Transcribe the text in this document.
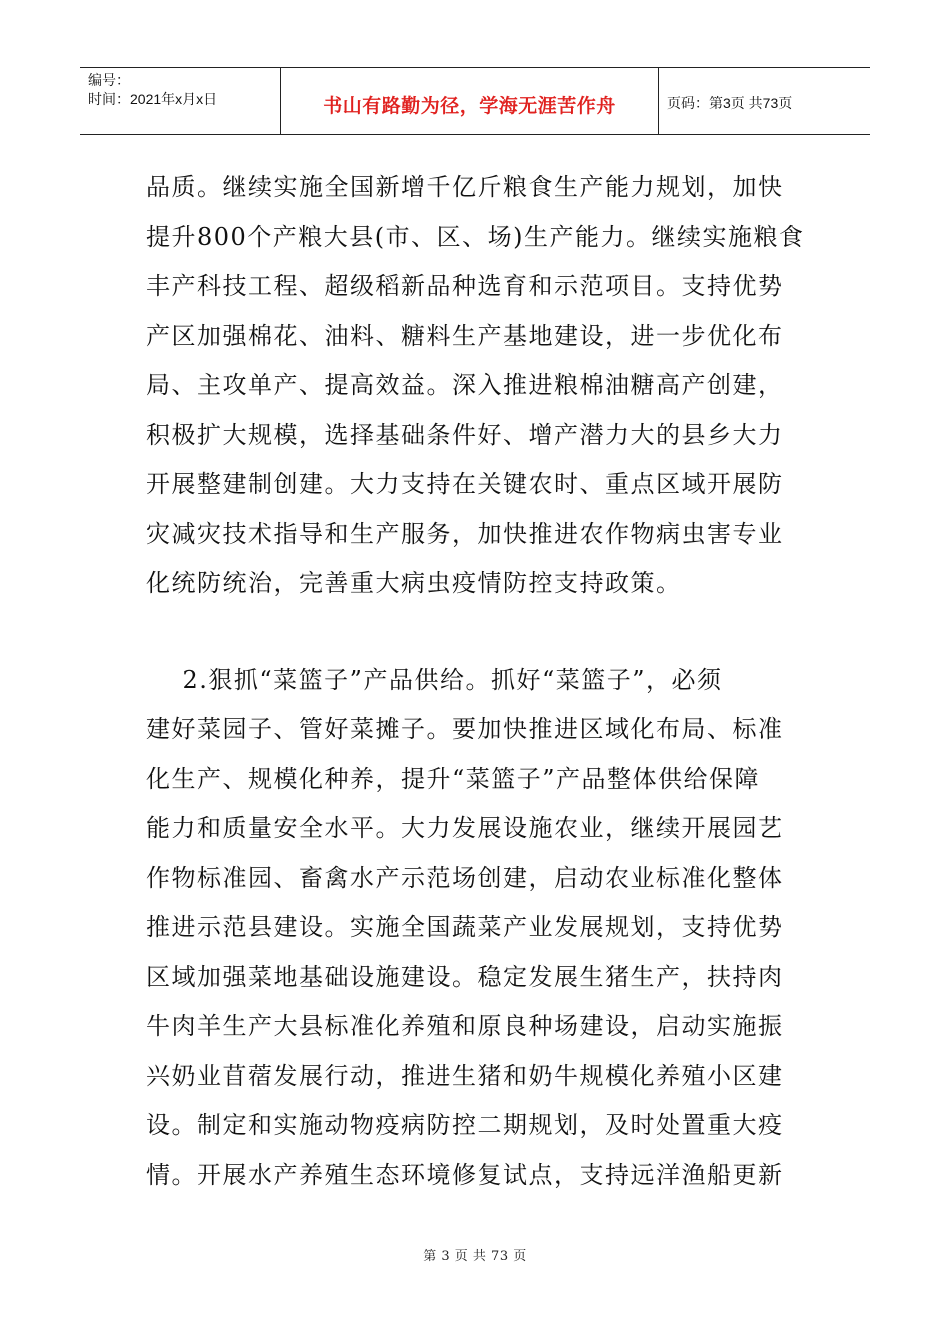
编号：
时间：2021年x月x日	书山有路勤为径，学海无涯苦作舟	页码：第3页 共73页
品质。继续实施全国新增千亿斤粮食生产能力规划，加快
提升800个产粮大县(市、区、场)生产能力。继续实施粮食
丰产科技工程、超级稻新品种选育和示范项目。支持优势
产区加强棉花、油料、糖料生产基地建设，进一步优化布
局、主攻单产、提高效益。深入推进粮棉油糖高产创建，
积极扩大规模，选择基础条件好、增产潜力大的县乡大力
开展整建制创建。大力支持在关键农时、重点区域开展防
灾减灾技术指导和生产服务，加快推进农作物病虫害专业
化统防统治，完善重大病虫疫情防控支持政策。
2.狠抓“菜篮子”产品供给。抓好“菜篮子”，必须
建好菜园子、管好菜摊子。要加快推进区域化布局、标准
化生产、规模化种养，提升“菜篮子”产品整体供给保障
能力和质量安全水平。大力发展设施农业，继续开展园艺
作物标准园、畜禽水产示范场创建，启动农业标准化整体
推进示范县建设。实施全国蔬菜产业发展规划，支持优势
区域加强菜地基础设施建设。稳定发展生猪生产，扶持肉
牛肉羊生产大县标准化养殖和原良种场建设，启动实施振
兴奶业苜蓿发展行动，推进生猪和奶牛规模化养殖小区建
设。制定和实施动物疫病防控二期规划，及时处置重大疫
情。开展水产养殖生态环境修复试点，支持远洋渔船更新
第 3 页 共 73 页
